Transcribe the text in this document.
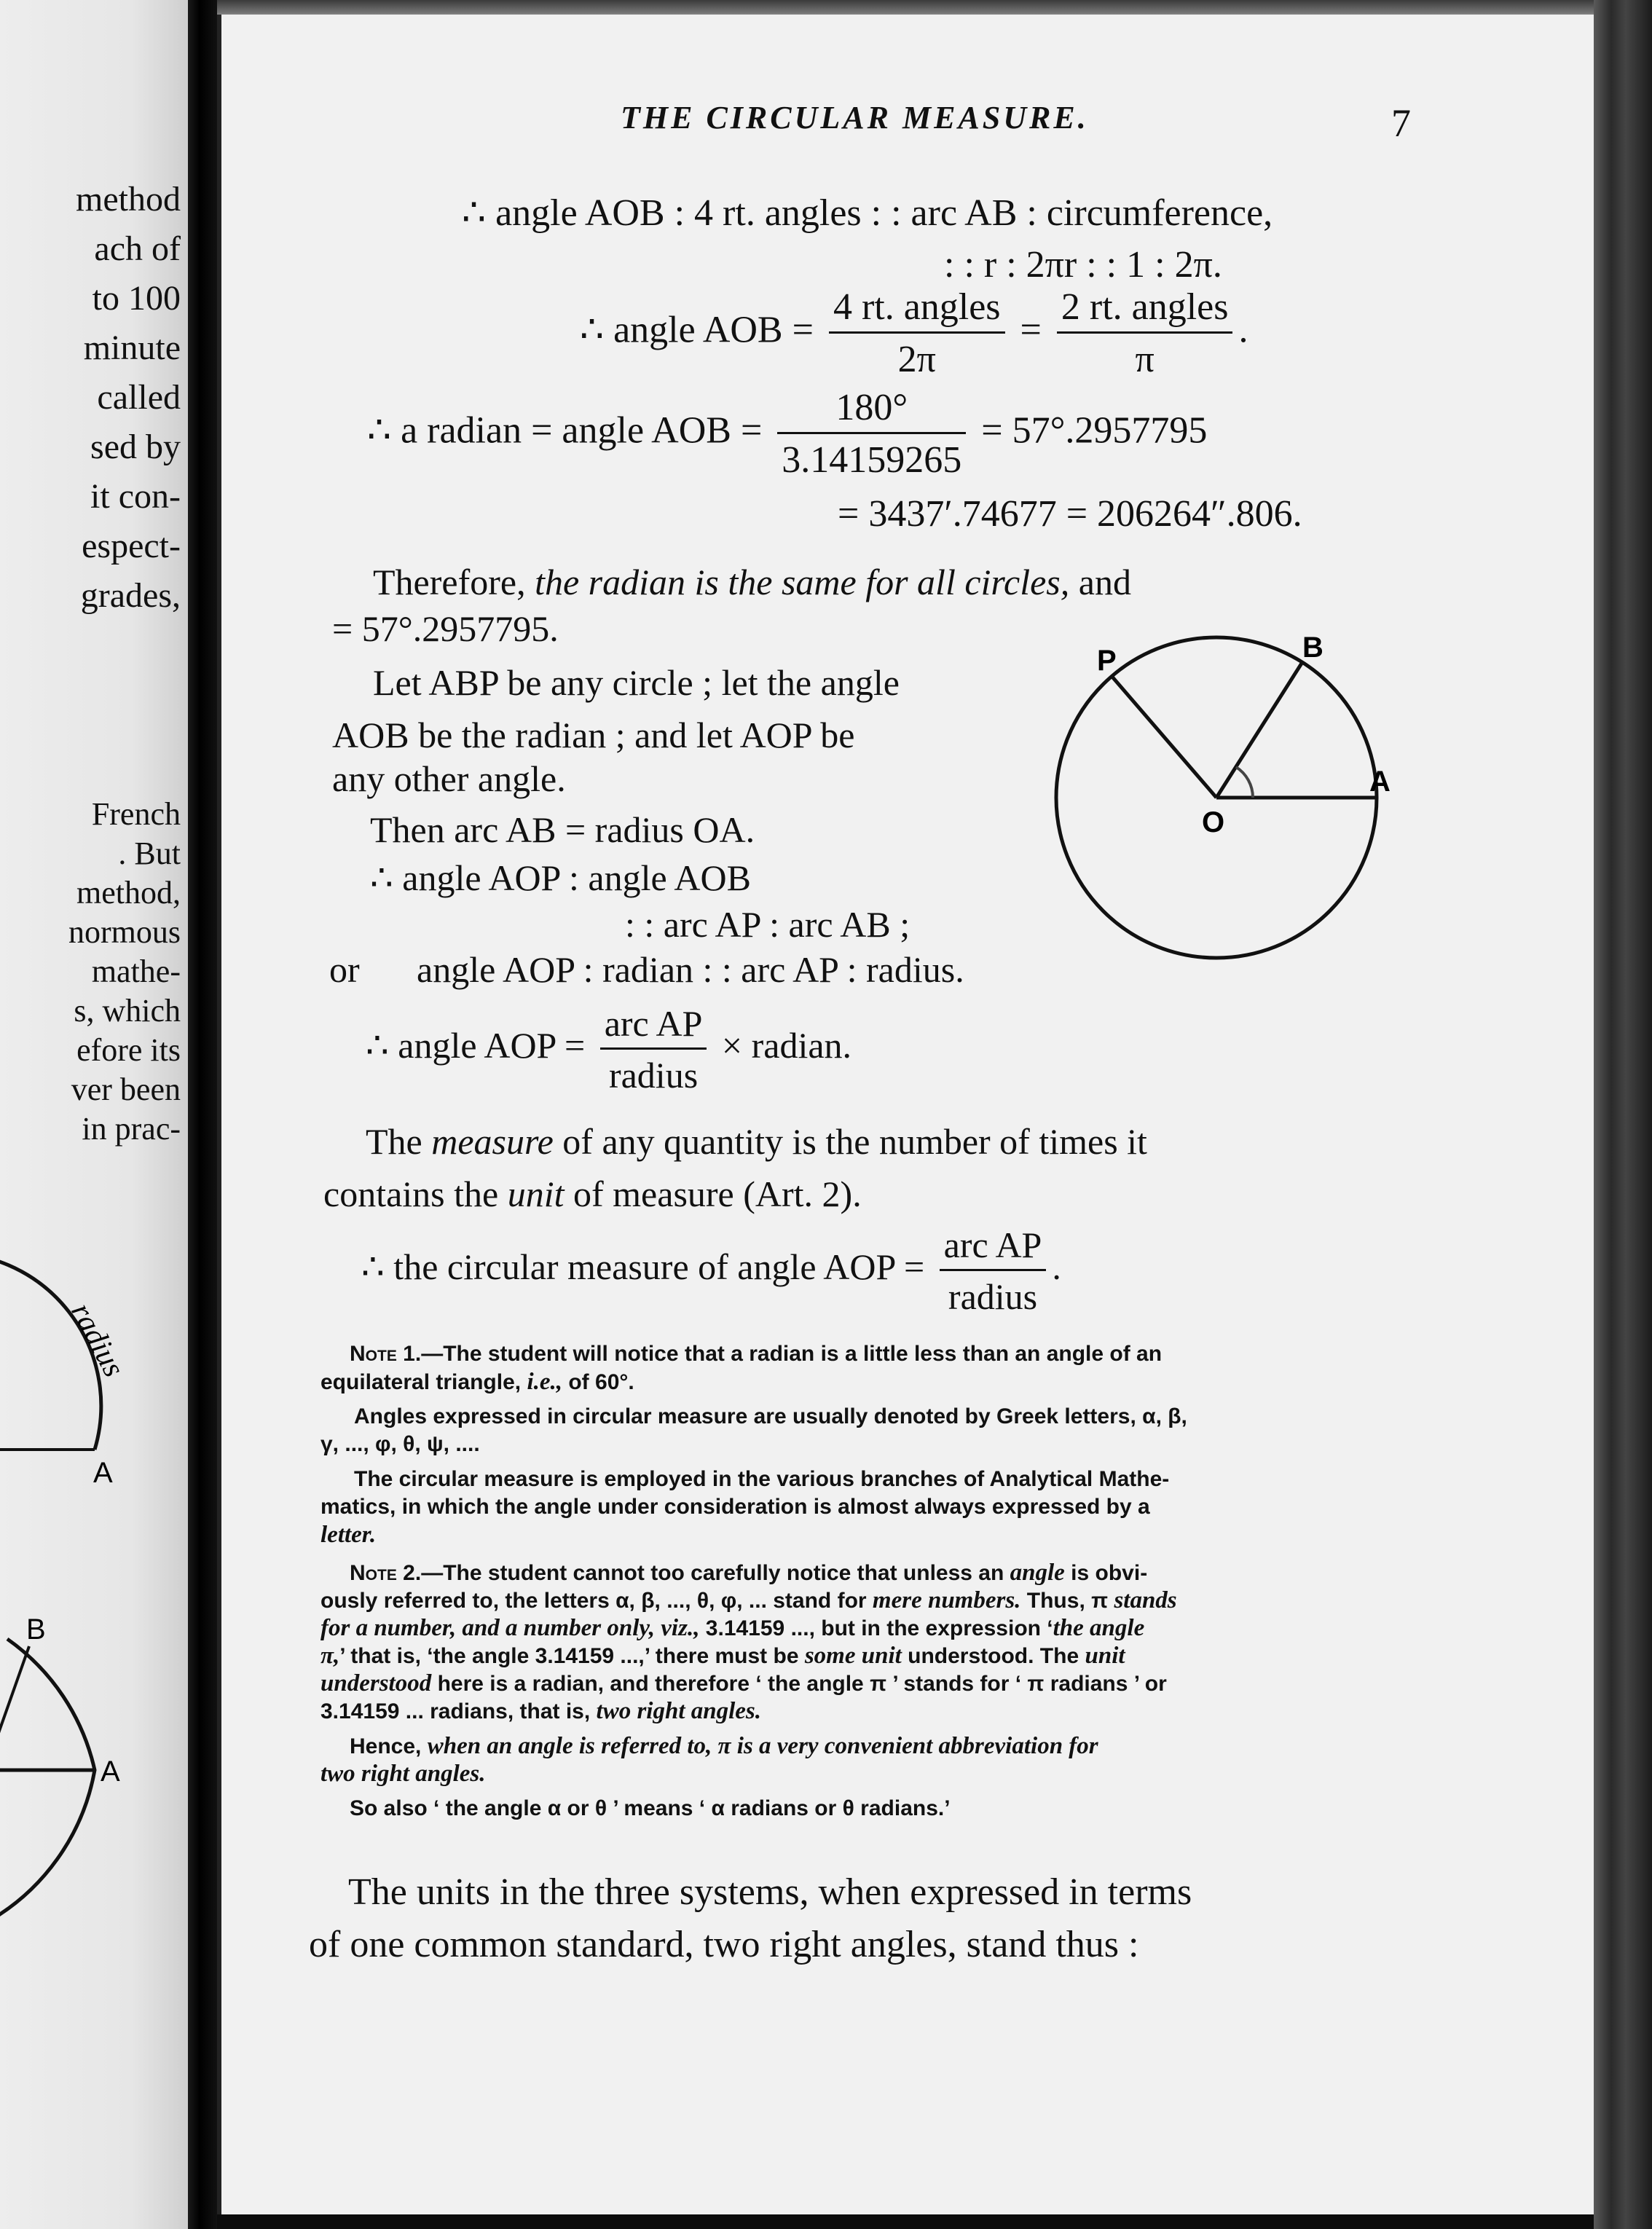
method
ach of
to 100
minute
called
sed by
it con-
espect-
grades,
French
. But
method,
normous
mathe-
s, which
efore its
ver been
in prac-
radius
A
B
A
THE CIRCULAR MEASURE.	7
∴ angle AOB : 4 rt. angles : : arc AB : circumference,
: : r : 2πr : : 1 : 2π.
∴ angle AOB = $\frac{\text{4 rt. angles}}{2\pi} = \frac{\text{2 rt. angles}}{\pi}$ .
∴ a radian = angle AOB = $\frac{180^\circ}{3.14159265} = 57^\circ.2957795$
= 3437′.74677 = 206264″.806.
Therefore, the radian is the same for all circles, and
= 57°.2957795.
Let ABP be any circle ; let the angle
AOB be the radian ; and let AOP be
any other angle.
Then arc AB = radius OA.
∴ angle AOP : angle AOB
: : arc AP : arc AB ;
or angle AOP : radian : : arc AP : radius.
∴ angle AOP = $\frac{\text{arc AP}}{\text{radius}}$ × radian.
P	B
O
A
The measure of any quantity is the number of times it
contains the unit of measure (Art. 2).
∴ the circular measure of angle AOP = $\frac{\text{arc AP}}{\text{radius}}$ .
Note 1.—The student will notice that a radian is a little less than an angle of an
equilateral triangle, i.e., of 60°.
Angles expressed in circular measure are usually denoted by Greek letters, α, β,
γ, ..., φ, θ, ψ, ....
The circular measure is employed in the various branches of Analytical Mathe-
matics, in which the angle under consideration is almost always expressed by a
letter.
Note 2.—The student cannot too carefully notice that unless an angle is obvi-
ously referred to, the letters α, β, ..., θ, φ, ... stand for mere numbers. Thus, π stands
for a number, and a number only, viz., 3.14159 ..., but in the expression ‘the angle
π,’ that is, ‘the angle 3.14159 ...,’ there must be some unit understood. The unit
understood here is a radian, and therefore ‘ the angle π ’ stands for ‘ π radians ’ or
3.14159 ... radians, that is, two right angles.
Hence, when an angle is referred to, π is a very convenient abbreviation for
two right angles.
So also ‘ the angle α or θ ’ means ‘ α radians or θ radians.’
The units in the three systems, when expressed in terms
of one common standard, two right angles, stand thus :
